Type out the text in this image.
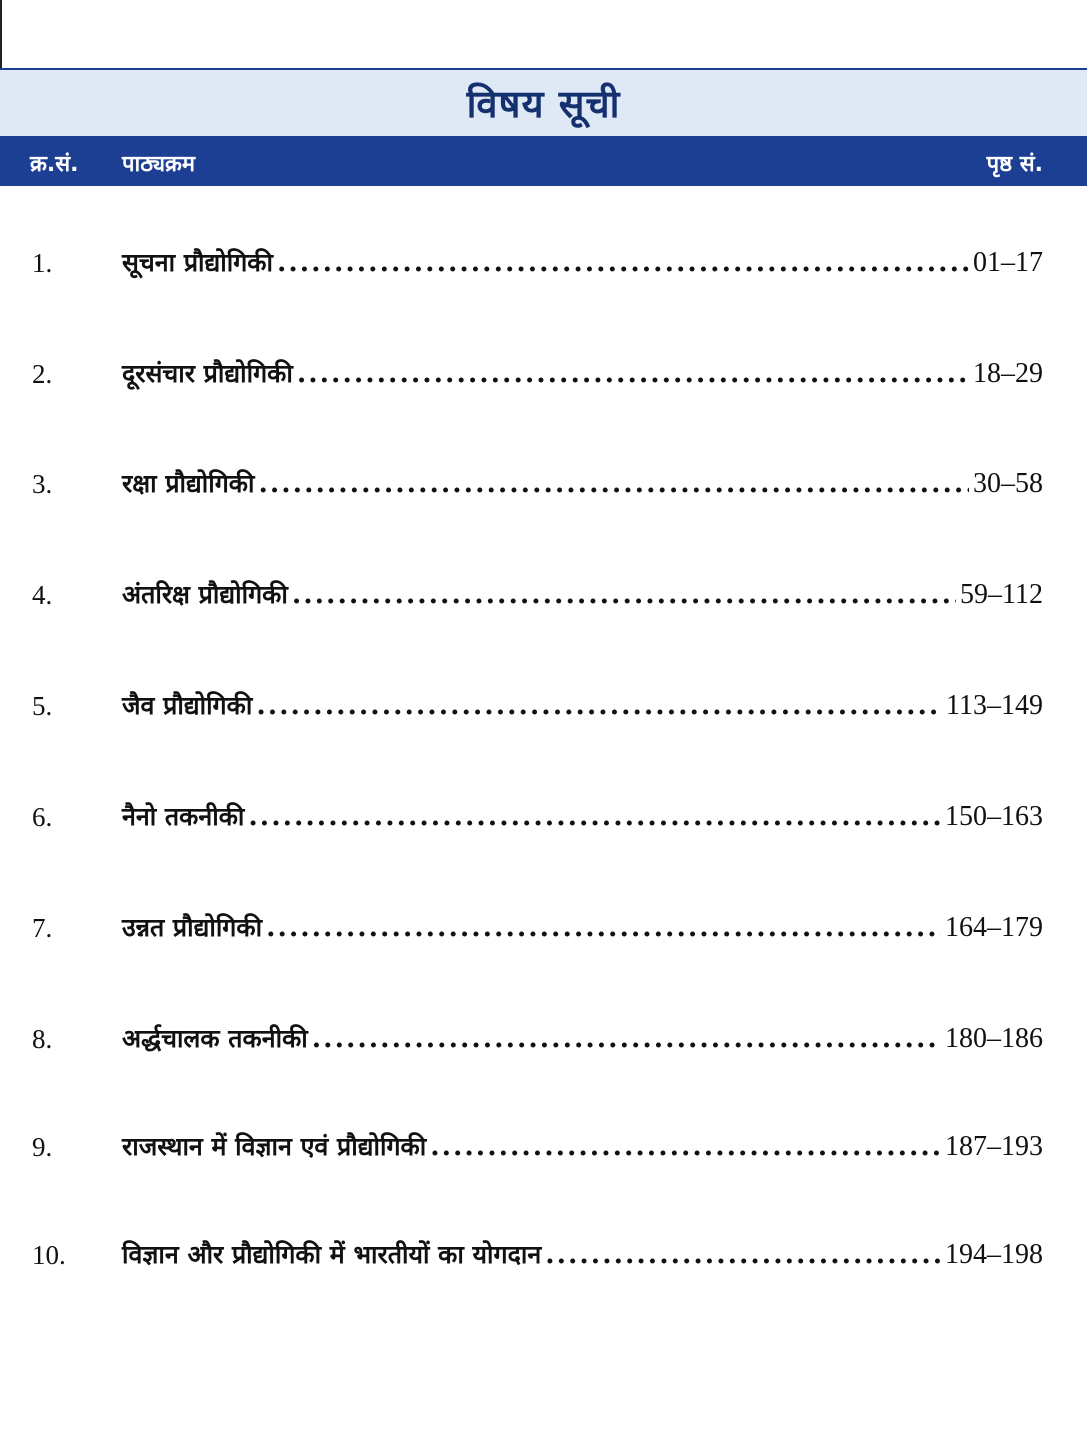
विषय सूची
क्र.सं. पाठ्यक्रम	पृष्ठ सं.
1.	सूचना प्रौद्योगिकी .....	01–17
2.	दूरसंचार प्रौद्योगिकी .....	18–29
3.	रक्षा प्रौद्योगिकी .....	30–58
4.	अंतरिक्ष प्रौद्योगिकी .....	59–112
5.	जैव प्रौद्योगिकी .....	113–149
6.	नैनो तकनीकी .....	150–163
7.	उन्नत प्रौद्योगिकी .....	164–179
8.	अर्द्धचालक तकनीकी .....	180–186
9.	राजस्थान में विज्ञान एवं प्रौद्योगिकी .....	187–193
10. विज्ञान और प्रौद्योगिकी में भारतीयों का योगदान .....	194–198
